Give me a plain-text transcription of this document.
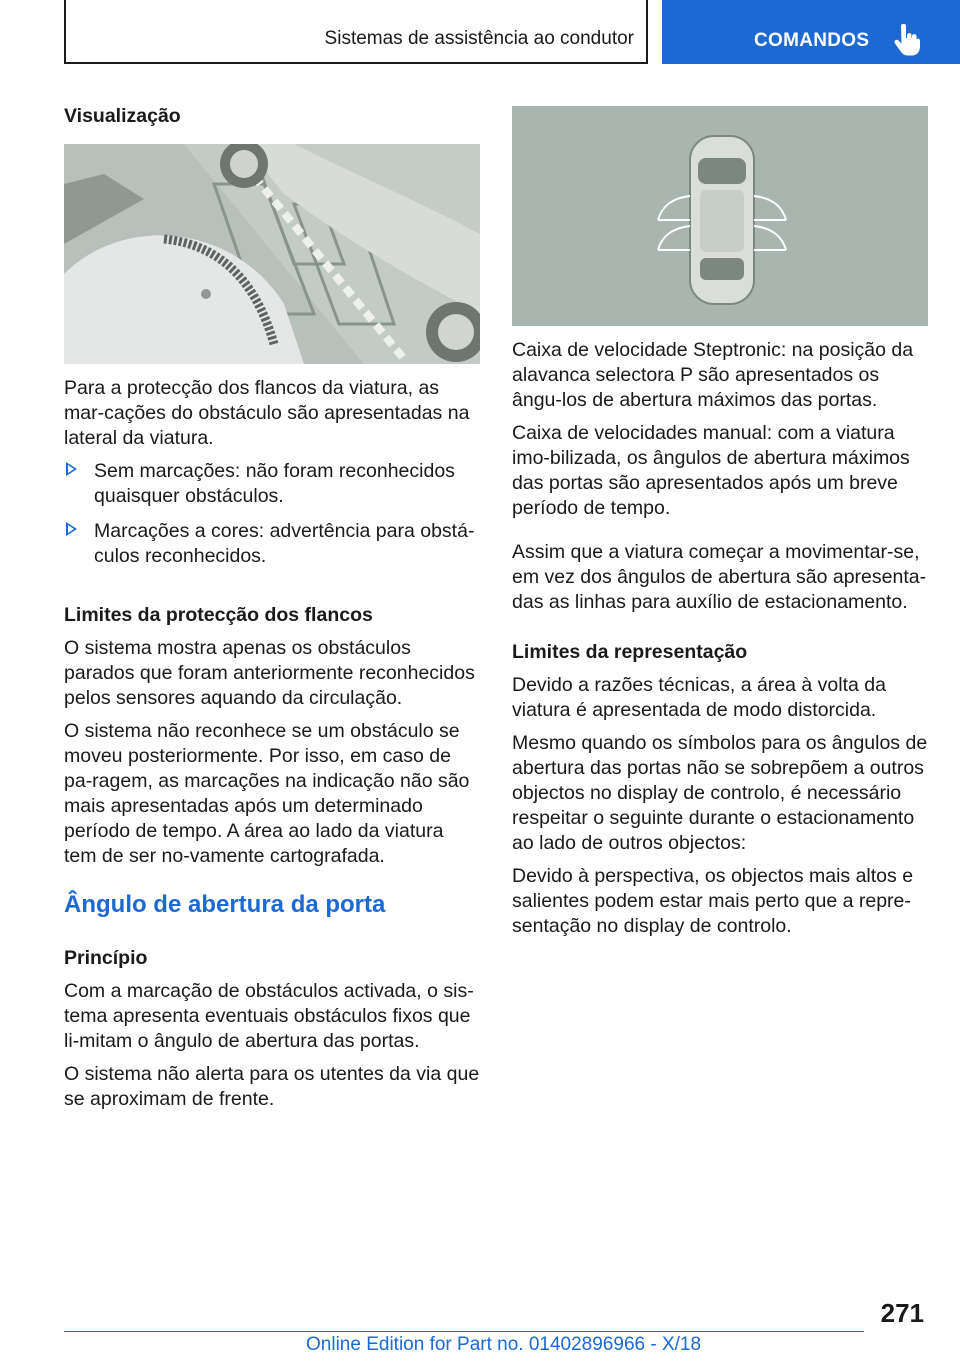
Sistemas de assistência ao condutor	COMANDOS

Visualização

Para a protecção dos flancos da viatura, as mar-cações do obstáculo são apresentadas na lateral da viatura.

Sem marcações: não foram reconhecidos quaisquer obstáculos.
Marcações a cores: advertência para obstá-culos reconhecidos.

Limites da protecção dos flancos

O sistema mostra apenas os obstáculos parados que foram anteriormente reconhecidos pelos sensores aquando da circulação.

O sistema não reconhece se um obstáculo se moveu posteriormente. Por isso, em caso de pa-ragem, as marcações na indicação não são mais apresentadas após um determinado período de tempo. A área ao lado da viatura tem de ser no-vamente cartografada.

Ângulo de abertura da porta

Princípio

Com a marcação de obstáculos activada, o sis-tema apresenta eventuais obstáculos fixos que li-mitam o ângulo de abertura das portas.

O sistema não alerta para os utentes da via que se aproximam de frente.

Caixa de velocidade Steptronic: na posição da alavanca selectora P são apresentados os ângu-los de abertura máximos das portas.

Caixa de velocidades manual: com a viatura imo-bilizada, os ângulos de abertura máximos das portas são apresentados após um breve período de tempo.

Assim que a viatura começar a movimentar-se, em vez dos ângulos de abertura são apresenta-das as linhas para auxílio de estacionamento.

Limites da representação

Devido a razões técnicas, a área à volta da viatura é apresentada de modo distorcida.

Mesmo quando os símbolos para os ângulos de abertura das portas não se sobrepõem a outros objectos no display de controlo, é necessário respeitar o seguinte durante o estacionamento ao lado de outros objectos:

Devido à perspectiva, os objectos mais altos e salientes podem estar mais perto que a repre-sentação no display de controlo.

271
Online Edition for Part no. 01402896966 - X/18
